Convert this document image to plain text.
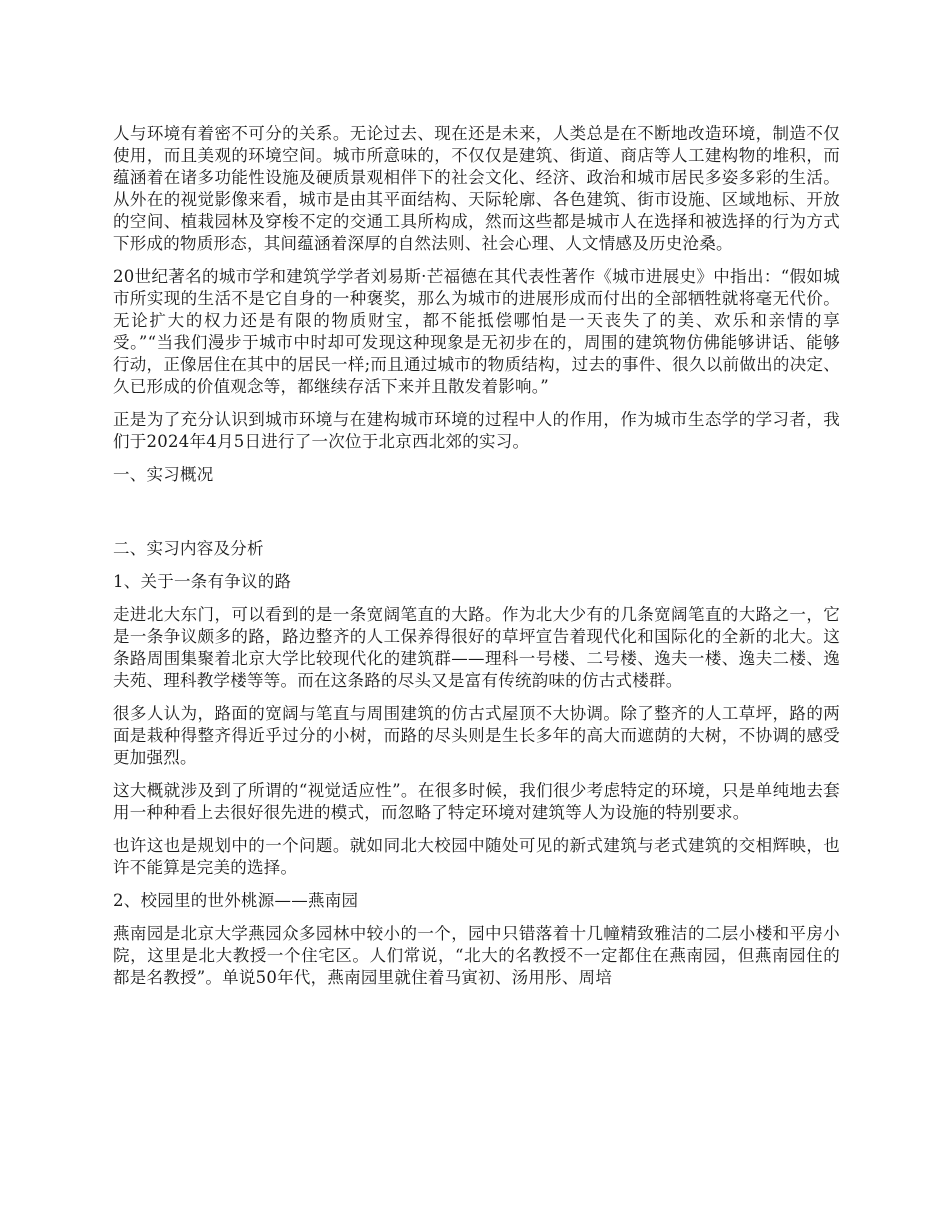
人与环境有着密不可分的关系。无论过去、现在还是未来，人类总是在不断地改造环境，制造不仅使用，而且美观的环境空间。城市所意味的，不仅仅是建筑、街道、商店等人工建构物的堆积，而蕴涵着在诸多功能性设施及硬质景观相伴下的社会文化、经济、政治和城市居民多姿多彩的生活。从外在的视觉影像来看，城市是由其平面结构、天际轮廓、各色建筑、街市设施、区域地标、开放的空间、植栽园林及穿梭不定的交通工具所构成，然而这些都是城市人在选择和被选择的行为方式下形成的物质形态，其间蕴涵着深厚的自然法则、社会心理、人文情感及历史沧桑。

20世纪著名的城市学和建筑学学者刘易斯·芒福德在其代表性著作《城市进展史》中指出：“假如城市所实现的生活不是它自身的一种褒奖，那么为城市的进展形成而付出的全部牺牲就将毫无代价。无论扩大的权力还是有限的物质财宝，都不能抵偿哪怕是一天丧失了的美、欢乐和亲情的享受。”“当我们漫步于城市中时却可发现这种现象是无初步在的，周围的建筑物仿佛能够讲话、能够行动，正像居住在其中的居民一样;而且通过城市的物质结构，过去的事件、很久以前做出的决定、久已形成的价值观念等，都继续存活下来并且散发着影响。”

正是为了充分认识到城市环境与在建构城市环境的过程中人的作用，作为城市生态学的学习者，我们于2024年4月5日进行了一次位于北京西北郊的实习。

一、实习概况

二、实习内容及分析

1、关于一条有争议的路

走进北大东门，可以看到的是一条宽阔笔直的大路。作为北大少有的几条宽阔笔直的大路之一，它是一条争议颇多的路，路边整齐的人工保养得很好的草坪宣告着现代化和国际化的全新的北大。这条路周围集聚着北京大学比较现代化的建筑群——理科一号楼、二号楼、逸夫一楼、逸夫二楼、逸夫苑、理科教学楼等等。而在这条路的尽头又是富有传统韵味的仿古式楼群。

很多人认为，路面的宽阔与笔直与周围建筑的仿古式屋顶不大协调。除了整齐的人工草坪，路的两面是栽种得整齐得近乎过分的小树，而路的尽头则是生长多年的高大而遮荫的大树，不协调的感受更加强烈。

这大概就涉及到了所谓的“视觉适应性”。在很多时候，我们很少考虑特定的环境，只是单纯地去套用一种种看上去很好很先进的模式，而忽略了特定环境对建筑等人为设施的特别要求。

也许这也是规划中的一个问题。就如同北大校园中随处可见的新式建筑与老式建筑的交相辉映，也许不能算是完美的选择。

2、校园里的世外桃源——燕南园

燕南园是北京大学燕园众多园林中较小的一个，园中只错落着十几幢精致雅洁的二层小楼和平房小院，这里是北大教授一个住宅区。人们常说，“北大的名教授不一定都住在燕南园，但燕南园住的都是名教授”。单说50年代，燕南园里就住着马寅初、汤用彤、周培
